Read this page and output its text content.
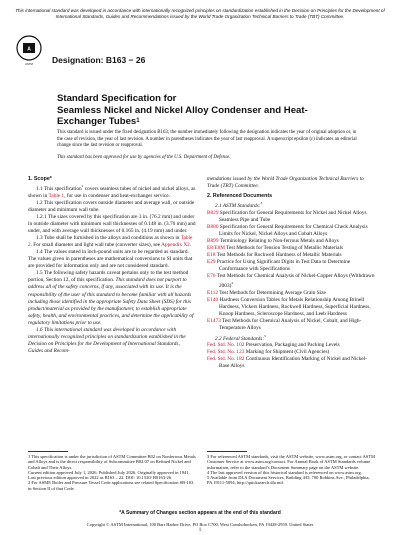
This international standard was developed in accordance with internationally recognized principles on standardization established in the Decision on Principles for the Development of International Standards, Guides and Recommendations issued by the World Trade Organization Technical Barriers to Trade (TBT) Committee.
A
ASTM Designation: B163 − 26
Standard Specification for
Seamless Nickel and Nickel Alloy Condenser and Heat-
Exchanger Tubes$^1$
This standard is issued under the fixed designation B163; the number immediately following the designation indicates the year of original adoption or, in the case of revision, the year of last revision. A number in parentheses indicates the year of last reapproval. A superscript epsilon (ε) indicates an editorial change since the last revision or reapproval.
This standard has been approved for use by agencies of the U.S. Department of Defense.

1. Scope*

1.1 This specification$^2$ covers seamless tubes of nickel and nickel alloys, as shown in Table 1, for use in condenser and heat-exchanger service.

1.2 This specification covers outside diameter and average wall, or outside diameter and minimum wall tube.

1.2.1 The sizes covered by this specification are 3 in. (76.2 mm) and under in outside diameter with minimum wall thicknesses of 0.148 in. (3.76 mm) and under, and with average wall thicknesses of 0.165 in. (4.19 mm) and under.

1.3 Tube shall be furnished in the alloys and conditions as shown in Table 2. For small diameter and light wall tube (converter sizes), see Appendix X2.

1.4 The values stated in inch-pound units are to be regarded as standard. The values given in parentheses are mathematical conversions to SI units that are provided for information only and are not considered standard.

1.5 The following safety hazards caveat pertains only to the test method portion, Section 12, of this specification. This standard does not purport to address all of the safety concerns, if any, associated with its use. It is the responsibility of the user of this standard to become familiar with all hazards including those identified in the appropriate Safety Data Sheet (SDS) for this product/material as provided by the manufacturer, to establish appropriate safety, health, and environmental practices, and determine the applicability of regulatory limitations prior to use.

1.6 This international standard was developed in accordance with internationally recognized principles on standardization established in the Decision on Principles for the Development of International Standards, Guides and Recom-

mendations issued by the World Trade Organization Technical Barriers to Trade (TBT) Committee.

2. Referenced Documents

2.1 ASTM Standards:$^3$

B829 Specification for General Requirements for Nickel and Nickel Alloys Seamless Pipe and Tube

B880 Specification for General Requirements for Chemical Check Analysis Limits for Nickel, Nickel Alloys and Cobalt Alloys

B899 Terminology Relating to Non-ferrous Metals and Alloys

E8/E8M Test Methods for Tension Testing of Metallic Materials

E18 Test Methods for Rockwell Hardness of Metallic Materials

E29 Practice for Using Significant Digits in Test Data to Determine Conformance with Specifications

E76 Test Methods for Chemical Analysis of Nickel-Copper Alloys (Withdrawn 2003)$^4$

E112 Test Methods for Determining Average Grain Size

E140 Hardness Conversion Tables for Metals Relationship Among Brinell Hardness, Vickers Hardness, Rockwell Hardness, Superficial Hardness, Knoop Hardness, Scleroscope Hardness, and Leeb Hardness

E1473 Test Methods for Chemical Analysis of Nickel, Cobalt, and High-Temperature Alloys

2.2 Federal Standards:$^5$

Fed. Std. No. 102 Preservation, Packaging and Packing Levels

Fed. Std. No. 123 Marking for Shipment (Civil Agencies)

Fed. Std. No. 182 Continuous Identification Marking of Nickel and Nickel-Base Alloys

1 This specification is under the jurisdiction of ASTM Committee B02 on Nonferrous Metals and Alloys and is the direct responsibility of Subcommittee B02.07 on Refined Nickel and Cobalt and Their Alloys.

Current edition approved July 1, 2026. Published July 2026. Originally approved in 1941. Last previous edition approved in 2022 as B163 – 22. DOI: 10.1520/ B0163-26.

2 For ASME Boiler and Pressure Vessel Code applications see related Specification SB-163 in Section II of that Code.

3 For referenced ASTM standards, visit the ASTM website, www.astm.org, or contact ASTM Customer Service at www.astm.org/contact. For Annual Book of ASTM Standards volume information, refer to the standard’s Document Summary page on the ASTM website.

4 The last approved version of this historical standard is referenced on www.astm.org.

5 Available from DLA Document Services, Building 4/D, 700 Robbins Ave., Philadelphia, PA 19111-5094, http://quicksearch.dla.mil.

*A Summary of Changes section appears at the end of this standard
Copyright © ASTM International, 100 Barr Harbor Drive, PO Box C700, West Conshohocken, PA 19428-2959. United States
1
